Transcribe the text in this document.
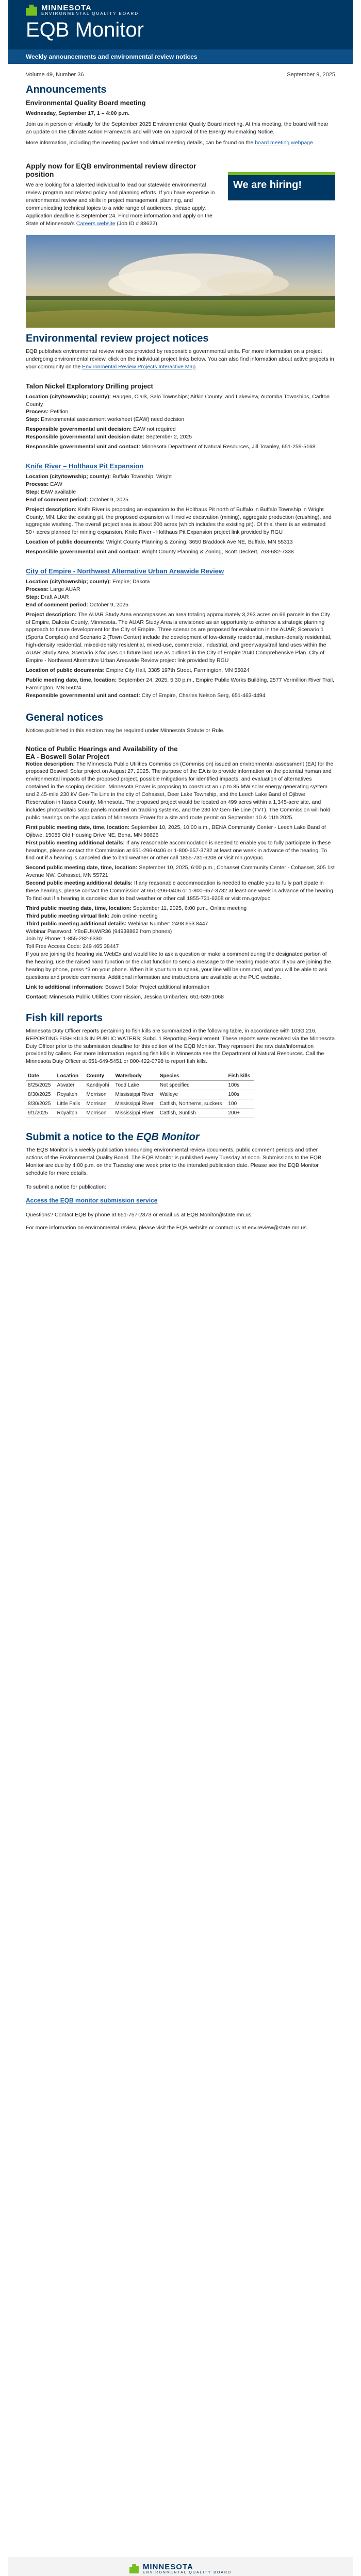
MINNESOTA
ENVIRONMENTAL QUALITY BOARD
EQB Monitor
Weekly announcements and environmental review notices
Volume 49, Number 36	September 9, 2025
Announcements
Environmental Quality Board meeting

Wednesday, September 17, 1 – 4:00 p.m.

Join us in person or virtually for the September 2025 Environmental Quality Board meeting. At this meeting, the board will hear an update on the Climate Action Framework and will vote on approval of the Energy Rulemaking Notice.

More information, including the meeting packet and virtual meeting details, can be found on the board meeting webpage.

Apply now for EQB environmental review director position

We are looking for a talented individual to lead our statewide environmental review program and related policy and planning efforts. If you have expertise in environmental review and skills in project management, planning, and communicating technical topics to a wide range of audiences, please apply. Application deadline is September 24. Find more information and apply on the State of Minnesota's Careers website (Job ID # 88622).

We are hiring!
Environmental review project notices

EQB publishes environmental review notices provided by responsible governmental units. For more information on a project undergoing environmental review, click on the individual project links below. You can also find information about active projects in your community on the Environmental Review Projects Interactive Map.

Talon Nickel Exploratory Drilling project
Location (city/township; county): Haugen, Clark, Salo Townships; Aitkin County; and Lakeview, Automba Townships, Carlton County
Process: Petition
Step: Environmental assessment worksheet (EAW) need decision
Responsible governmental unit decision: EAW not required
Responsible governmental unit decision date: September 2, 2025
Responsible governmental unit and contact: Minnesota Department of Natural Resources, Jill Townley, 651-259-5168
Knife River – Holthaus Pit Expansion
Location (city/township; county): Buffalo Township; Wright
Process: EAW
Step: EAW available
End of comment period: October 9, 2025
Project description: Knife River is proposing an expansion to the Holthaus Pit north of Buffalo in Buffalo Township in Wright County, MN. Like the existing pit, the proposed expansion will involve excavation (mining), aggregate production (crushing), and aggregate washing. The overall project area is about 200 acres (which includes the existing pit). Of this, there is an estimated 50+ acres planned for mining expansion. Knife River - Holthaus Pit Expansion project link provided by RGU
Location of public documents: Wright County Planning & Zoning, 3650 Braddock Ave NE, Buffalo, MN 55313
Responsible governmental unit and contact: Wright County Planning & Zoning, Scott Deckert, 763-682-7338
City of Empire - Northwest Alternative Urban Areawide Review
Location (city/township; county): Empire; Dakota
Process: Large AUAR
Step: Draft AUAR
End of comment period: October 9, 2025
Project description: The AUAR Study Area encompasses an area totaling approximately 3,293 acres on 66 parcels in the City of Empire, Dakota County, Minnesota. The AUAR Study Area is envisioned as an opportunity to enhance a strategic planning approach to future development for the City of Empire. Three scenarios are proposed for evaluation in the AUAR; Scenario 1 (Sports Complex) and Scenario 2 (Town Center) include the development of low-density residential, medium-density residential, high-density residential, mixed-density residential, mixed-use, commercial, industrial, and greenways/trail land uses within the AUAR Study Area. Scenario 3 focuses on future land use as outlined in the City of Empire 2040 Comprehensive Plan. City of Empire - Northwest Alternative Urban Areawide Review project link provided by RGU
Location of public documents: Empire City Hall, 3385 197th Street, Farmington, MN 55024
Public meeting date, time, location: September 24, 2025, 5:30 p.m., Empire Public Works Building, 2577 Vermillion River Trail, Farmington, MN 55024
Responsible governmental unit and contact: City of Empire, Charles Nelson Serg, 651-463-4494
General notices

Notices published in this section may be required under Minnesota Statute or Rule.

Notice of Public Hearings and Availability of the EA - Boswell Solar Project
Notice description: The Minnesota Public Utilities Commission (Commission) issued an environmental assessment (EA) for the proposed Boswell Solar project on August 27, 2025. The purpose of the EA is to provide information on the potential human and environmental impacts of the proposed project, possible mitigations for identified impacts, and evaluation of alternatives contained in the scoping decision. Minnesota Power is proposing to construct an up to 85 MW solar energy generating system and 2.45-mile 230 kV Gen-Tie Line in the city of Cohasset, Deer Lake Township, and the Leech Lake Band of Ojibwe Reservation in Itasca County, Minnesota. The proposed project would be located on 499 acres within a 1,345-acre site, and includes photovoltaic solar panels mounted on tracking systems, and the 230 kV Gen-Tie Line (TVT). The Commission will hold public hearings on the application of Minnesota Power for a site and route permit on September 10 & 11th 2025.
First public meeting date, time, location: September 10, 2025, 10:00 a.m., BENA Community Center - Leech Lake Band of Ojibwe, 15085 Old Housing Drive NE, Bena, MN 56626
First public meeting additional details: If any reasonable accommodation is needed to enable you to fully participate in these hearings, please contact the Commission at 651-296-0406 or 1-800-657-3782 at least one week in advance of the hearing. To find out if a hearing is canceled due to bad weather or other call 1855-731-6208 or visit mn.gov/puc.
Second public meeting date, time, location: September 10, 2025, 6:00 p.m., Cohasset Community Center - Cohasset, 305 1st Avenue NW, Cohasset, MN 55721
Second public meeting additional details: If any reasonable accommodation is needed to enable you to fully participate in these hearings, please contact the Commission at 651-296-0406 or 1-800-657-3782 at least one week in advance of the hearing. To find out if a hearing is canceled due to bad weather or other call 1855-731-6208 or visit mn.gov/puc.
Third public meeting date, time, location: September 11, 2025, 6:00 p.m., Online meeting
Third public meeting virtual link: Join online meeting
Third public meeting additional details: Webinar Number: 2498 653 8447
Webinar Password: Y8oEUKWiR36 (94938862 from phones)
Join by Phone: 1-855-282-6330
Toll Free Access Code: 249 465 38447
If you are joining the hearing via WebEx and would like to ask a question or make a comment during the designated portion of the hearing, use the raised hand function or the chat function to send a message to the hearing moderator. If you are joining the hearing by phone, press *3 on your phone. When it is your turn to speak, your line will be unmuted, and you will be able to ask questions and provide comments. Additional information and instructions are available at the PUC website.
Link to additional information: Boswell Solar Project additional information
Contact: Minnesota Public Utilities Commission, Jessica Umbarten, 651-539-1068
Fish kill reports

Minnesota Duty Officer reports pertaining to fish kills are summarized in the following table, in accordance with 103G.216, REPORTING FISH KILLS IN PUBLIC WATERS; Subd. 1 Reporting Requirement. These reports were received via the Minnesota Duty Officer prior to the submission deadline for this edition of the EQB Monitor. They represent the raw data/information provided by callers. For more information regarding fish kills in Minnesota see the Department of Natural Resources. Call the Minnesota Duty Officer at 651-649-5451 or 800-422-0798 to report fish kills.

Date	Location	County	Waterbody	Species	Fish kills
8/25/2025	Atwater	Kandiyohi	Todd Lake	Not specified	100s
8/30/2025	Royalton	Morrison	Mississippi River	Walleye	100s
8/30/2025	Little Falls	Morrison	Mississippi River	Catfish, Northerns, suckers	100
9/1/2025	Royalton	Morrison	Mississippi River	Catfish, Sunfish	200+
Submit a notice to the EQB Monitor

The EQB Monitor is a weekly publication announcing environmental review documents, public comment periods and other actions of the Environmental Quality Board. The EQB Monitor is published every Tuesday at noon. Submissions to the EQB Monitor are due by 4:00 p.m. on the Tuesday one week prior to the intended publication date. Please see the EQB Monitor schedule for more details.

To submit a notice for publication:

Access the EQB monitor submission service

Questions? Contact EQB by phone at 651-757-2873 or email us at EQB.Monitor@state.mn.us.

For more information on environmental review, please visit the EQB website or contact us at env.review@state.mn.us.

MINNESOTA
ENVIRONMENTAL QUALITY BOARD
